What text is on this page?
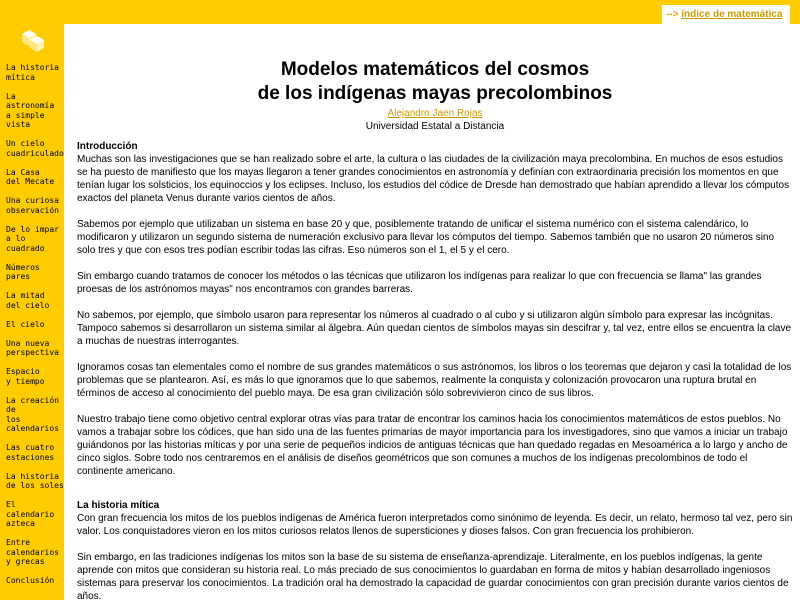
--> índice de matemática
La historia
mítica
La astronomía
a simple vista
Un cielo
cuadriculado
La Casa
del Mecate
Una curiosa
observación
De lo impar
a lo cuadrado
Números pares
La mitad
del cielo
El cielo
Una nueva
perspectiva
Espacio
y tiempo
La creación de
los calendarios
Las cuatro
estaciones
La historia
de los soles
El calendario
azteca
Entre
calendarios
y grecas
Conclusión
Modelos matemáticos del cosmos
de los indígenas mayas precolombinos
Alejandro Jaen Rojas
Universidad Estatal a Distancia
Introducción

Muchas son las investigaciones que se han realizado sobre el arte, la cultura o las ciudades de la civilización maya precolombina. En muchos de esos estudios se ha puesto de manifiesto que los mayas llegaron a tener grandes conocimientos en astronomía y definían con extraordinaria precisión los momentos en que tenían lugar los solsticios, los equinoccios y los eclipses. Incluso, los estudios del códice de Dresde han demostrado que habían aprendido a llevar los cómputos exactos del planeta Venus durante varios cientos de años.

Sabemos por ejemplo que utilizaban un sistema en base 20 y que, posiblemente tratando de unificar el sistema numérico con el sistema calendárico, lo modificaron y utilizaron un segundo sistema de numeración exclusivo para llevar los cómputos del tiempo. Sabemos también que no usaron 20 números sino solo tres y que con esos tres podían escribir todas las cifras. Eso números son el 1, el 5 y el cero.

Sin embargo cuando tratamos de conocer los métodos o las técnicas que utilizaron los indígenas para realizar lo que con frecuencia se llama" las grandes proesas de los astrónomos mayas" nos encontramos con grandes barreras.

No sabemos, por ejemplo, que símbolo usaron para representar los números al cuadrado o al cubo y si utilizaron algún símbolo para expresar las incógnitas. Tampoco sabemos si desarrollaron un sistema similar al álgebra. Aún quedan cientos de símbolos mayas sin descifrar y, tal vez, entre ellos se encuentra la clave a muchas de nuestras interrogantes.

Ignoramos cosas tan elementales como el nombre de sus grandes matemáticos o sus astrónomos, los libros o los teoremas que dejaron y casi la totalidad de los problemas que se plantearon. Así, es más lo que ignoramos que lo que sabemos, realmente la conquista y colonización provocaron una ruptura brutal en términos de acceso al conocimiento del pueblo maya. De esa gran civilización sólo sobrevivieron cinco de sus libros.

Nuestro trabajo tiene como objetivo central explorar otras vías para tratar de encontrar los caminos hacia los conocimientos matemáticos de estos pueblos. No vamos a trabajar sobre los códices, que han sido una de las fuentes primarias de mayor importancia para los investigadores, sino que vamos a iniciar un trabajo guiándonos por las historias míticas y por una serie de pequeños indicios de antiguas técnicas que han quedado regadas en Mesoamérica a lo largo y ancho de cinco siglos. Sobre todo nos centraremos en el análisis de diseños geométricos que son comunes a muchos de los indígenas precolombinos de todo el continente americano.

La historia mítica

Con gran frecuencia los mitos de los pueblos indígenas de América fueron interpretados como sinónimo de leyenda. Es decir, un relato, hermoso tal vez, pero sin valor. Los conquistadores vieron en los mitos curiosos relatos llenos de supersticiones y dioses falsos. Con gran frecuencia los prohibieron.

Sin embargo, en las tradiciones indígenas los mitos son la base de su sistema de enseñanza-aprendizaje. Literalmente, en los pueblos indígenas, la gente aprende con mitos que consideran su historia real. Lo más preciado de sus conocimientos lo guardaban en forma de mitos y habían desarrollado ingeniosos sistemas para preservar los conocimientos. La tradición oral ha demostrado la capacidad de guardar conocimientos con gran precisión durante varios cientos de años.
